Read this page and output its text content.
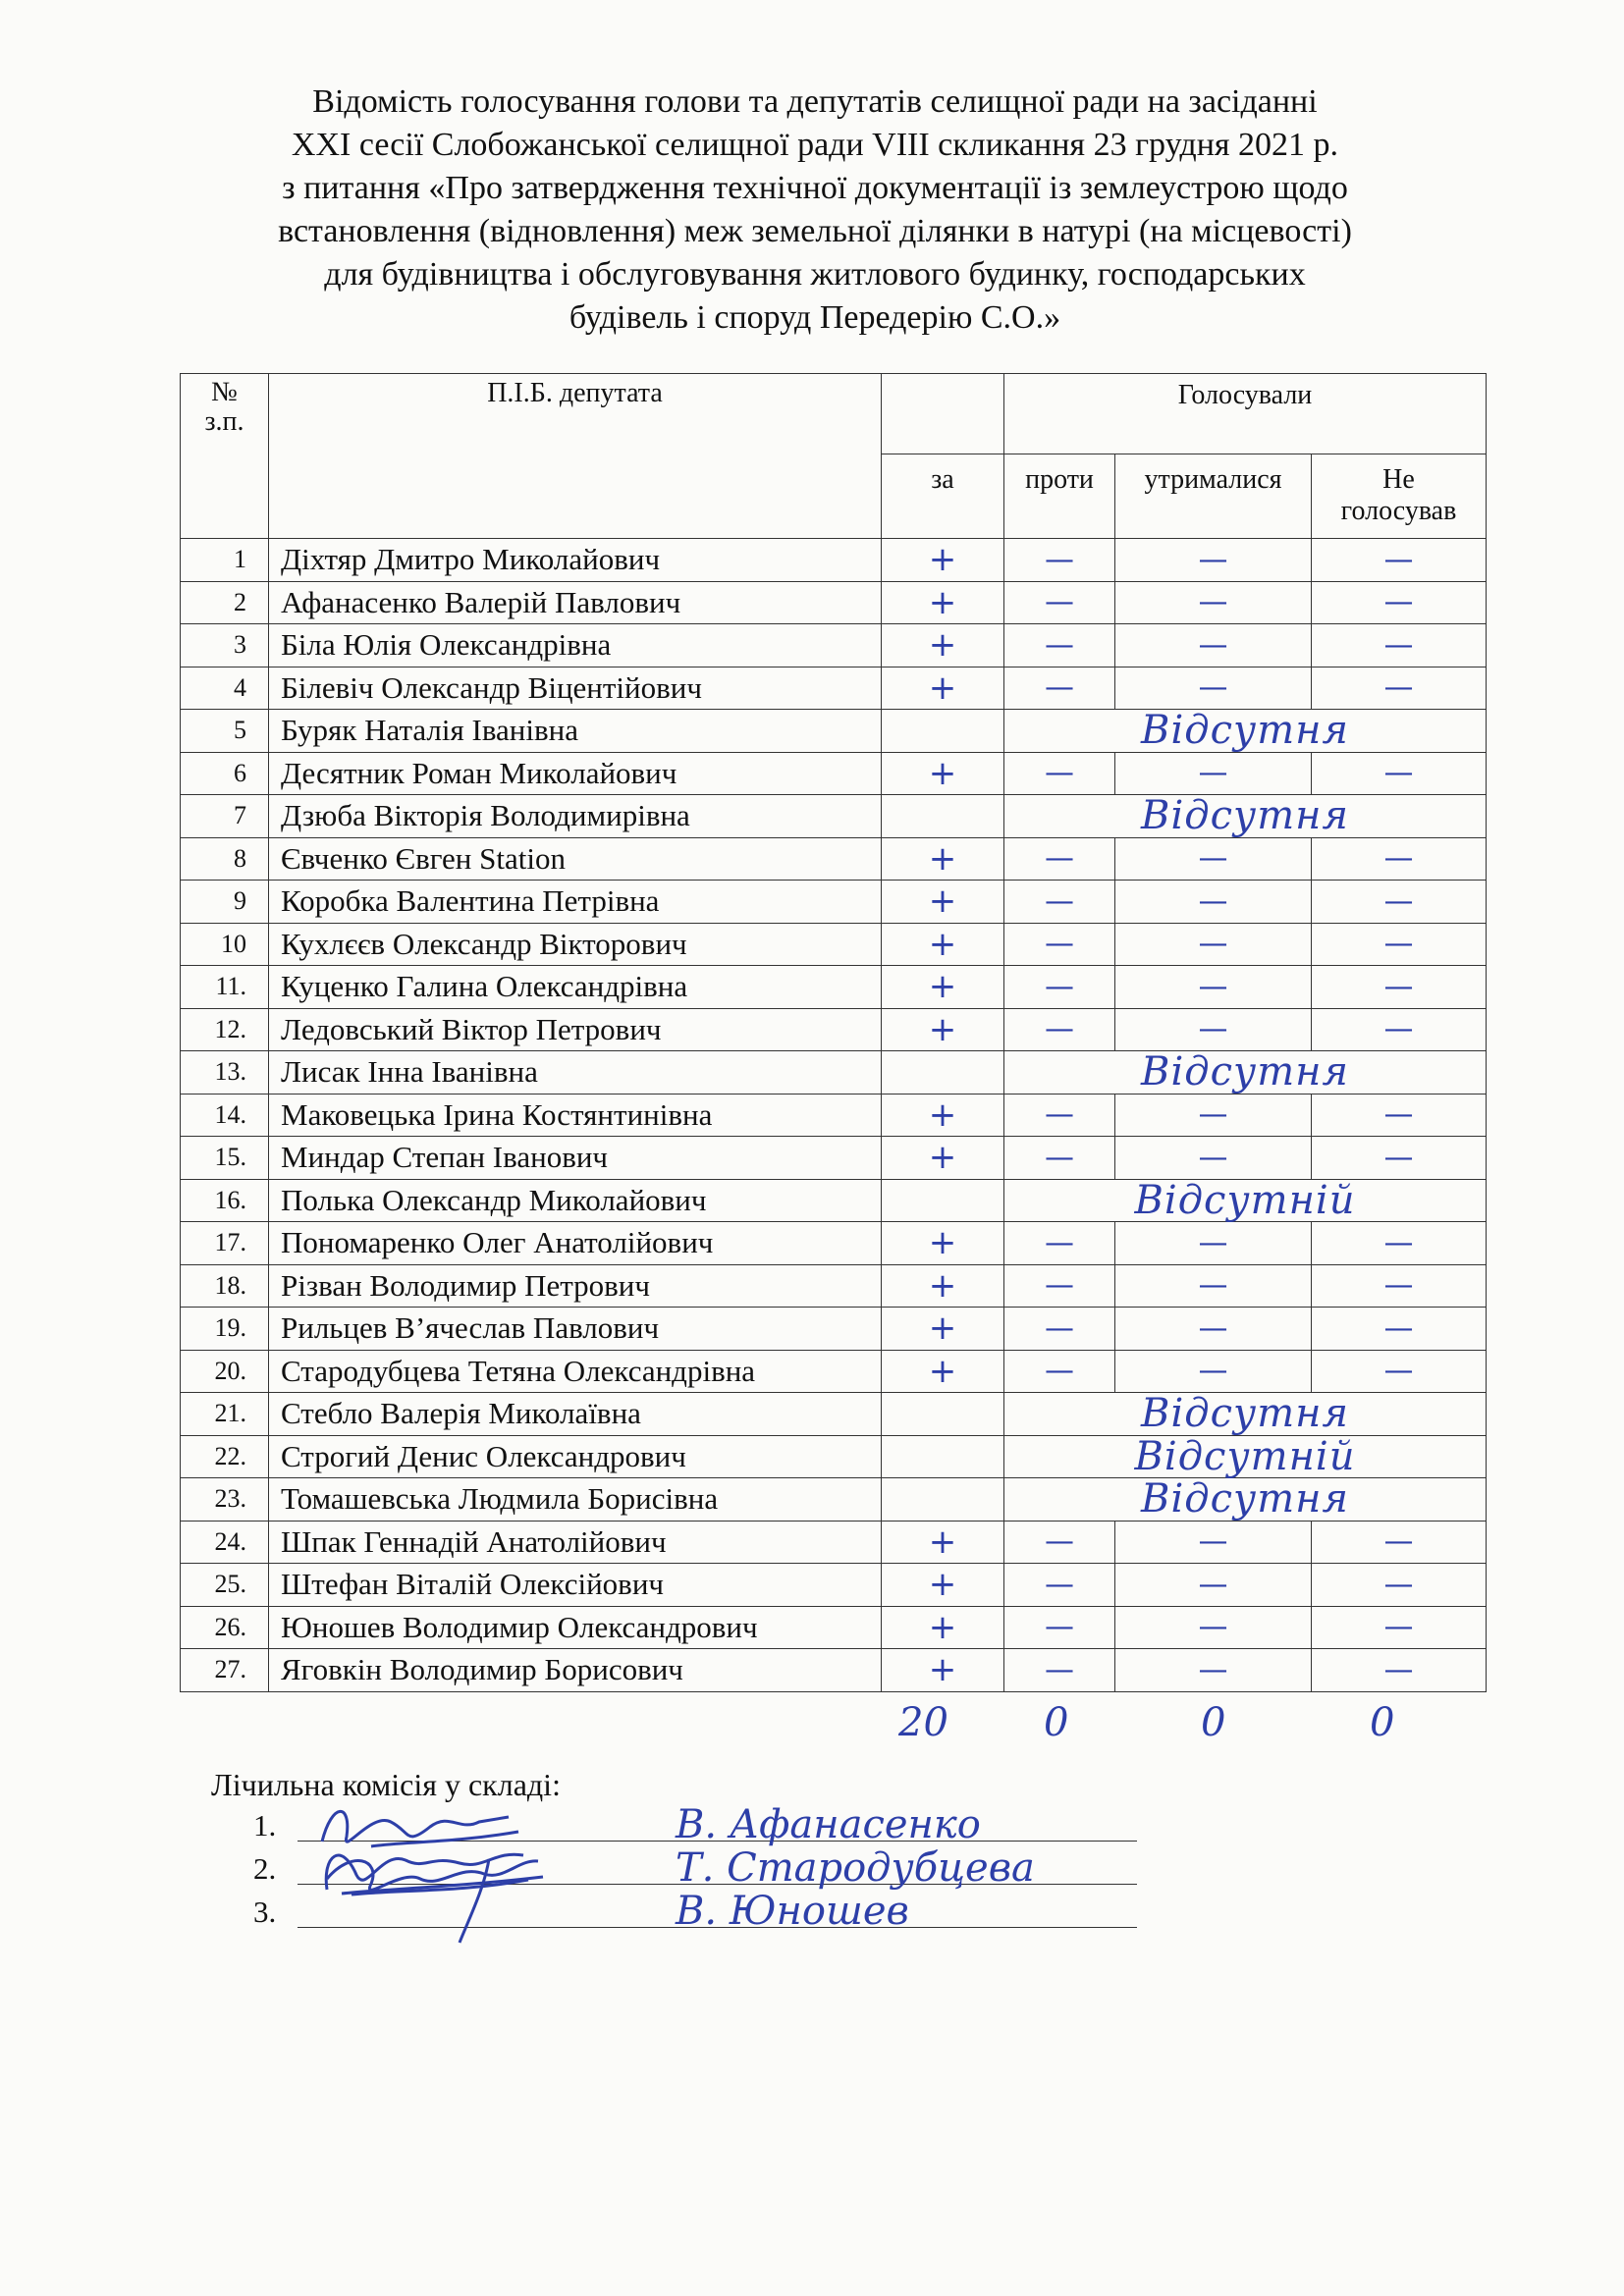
Відомість голосування голови та депутатів селищної ради на засіданні
XXI сесії Слобожанської селищної ради VIII скликання 23 грудня 2021 р.
з питання «Про затвердження технічної документації із землеустрою щодо
встановлення (відновлення) меж земельної ділянки в натурі (на місцевості)
для будівництва і обслуговування житлового будинку, господарських
будівель і споруд Передерію С.О.»
№
з.п.	П.І.Б. депутата		Голосували		
		за	проти	утрималися	Не
голосував

1	Діхтяр Дмитро Миколайович	+	—	—	—
2	Афанасенко Валерій Павлович	+	—	—	—
3	Біла Юлія Олександрівна	+	—	—	—
4	Білевіч Олександр Віцентійович	+	—	—	—
5	Буряк Наталія Іванівна		Відсутня		

6	Десятник Роман Миколайович	+	—	—	—
7	Дзюба Вікторія Володимирівна		Відсутня		

8	Євченко Євген Station	+	—	—	—
9	Коробка Валентина Петрівна	+	—	—	—
10	Кухлєєв Олександр Вікторович	+	—	—	—
11.	Куценко Галина Олександрівна	+	—	—	—
12.	Ледовський Віктор Петрович	+	—	—	—
13.	Лисак Інна Іванівна		Відсутня		

14.	Маковецька Ірина Костянтинівна	+	—	—	—
15.	Миндар Степан Іванович	+	—	—	—
16.	Полька Олександр Миколайович		Відсутній		

17.	Пономаренко Олег Анатолійович	+	—	—	—
18.	Різван Володимир Петрович	+	—	—	—
19.	Рильцев В’ячеслав Павлович	+	—	—	—
20.	Стародубцева Тетяна Олександрівна	+	—	—	—
21.	Стебло Валерія Миколаївна		Відсутня		

22.	Строгий Денис Олександрович		Відсутній		

23.	Томашевська Людмила Борисівна		Відсутня		

24.	Шпак Геннадій Анатолійович	+	—	—	—
25.	Штефан Віталій Олексійович	+	—	—	—
26.	Юношев Володимир Олександрович	+	—	—	—
27.	Яговкін Володимир Борисович	+	—	—	—
20 0	0	0
Лічильна комісія у складі:
1.	В. Афанасенко
2.	Т. Стародубцева
3.	В. Юношев
